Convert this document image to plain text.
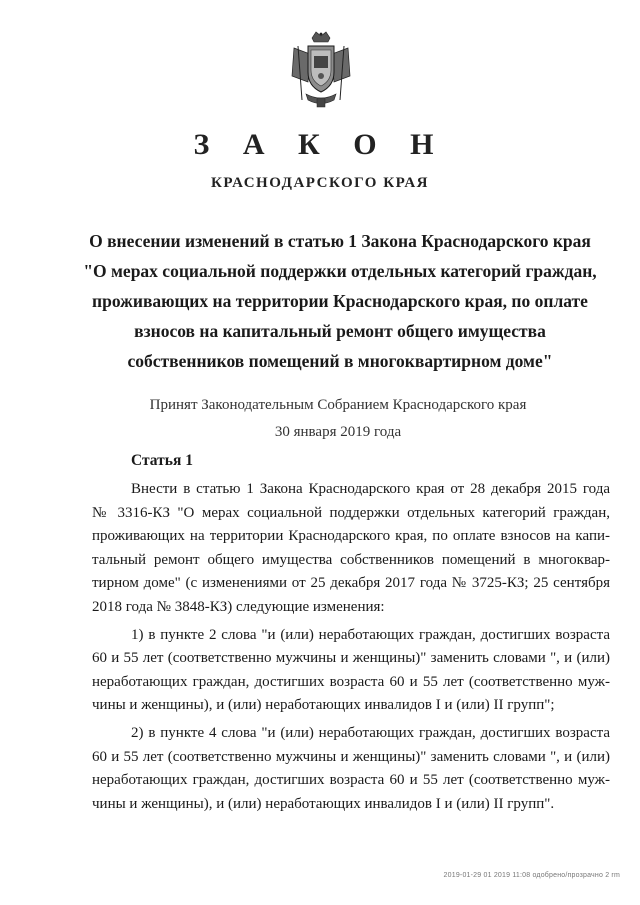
З А К О Н
КРАСНОДАРСКОГО КРАЯ
О внесении изменений в статью 1 Закона Краснодарского края
"О мерах социальной поддержки отдельных категорий граждан,
проживающих на территории Краснодарского края, по оплате
взносов на капитальный ремонт общего имущества
собственников помещений в многоквартирном доме"
Принят Законодательным Собранием Краснодарского края
30 января 2019 года
Статья 1
Внести в статью 1 Закона Краснодарского края от 28 декабря 2015 года
№ 3316-КЗ "О мерах социальной поддержки отдельных категорий граждан,
проживающих на территории Краснодарского края, по оплате взносов на капи-
тальный ремонт общего имущества собственников помещений в многоквар-
тирном доме" (с изменениями от 25 декабря 2017 года № 3725-КЗ; 25 сентября
2018 года № 3848-КЗ) следующие изменения:
1) в пункте 2 слова "и (или) неработающих граждан, достигших возраста
60 и 55 лет (соответственно мужчины и женщины)" заменить словами ", и (или)
неработающих граждан, достигших возраста 60 и 55 лет (соответственно муж-
чины и женщины), и (или) неработающих инвалидов I и (или) II групп";
2) в пункте 4 слова "и (или) неработающих граждан, достигших возраста
60 и 55 лет (соответственно мужчины и женщины)" заменить словами ", и (или)
неработающих граждан, достигших возраста 60 и 55 лет (соответственно муж-
чины и женщины), и (или) неработающих инвалидов I и (или) II групп".
2019-01-29 01 2019 11:08 одобрено/прозрачно 2 rm
